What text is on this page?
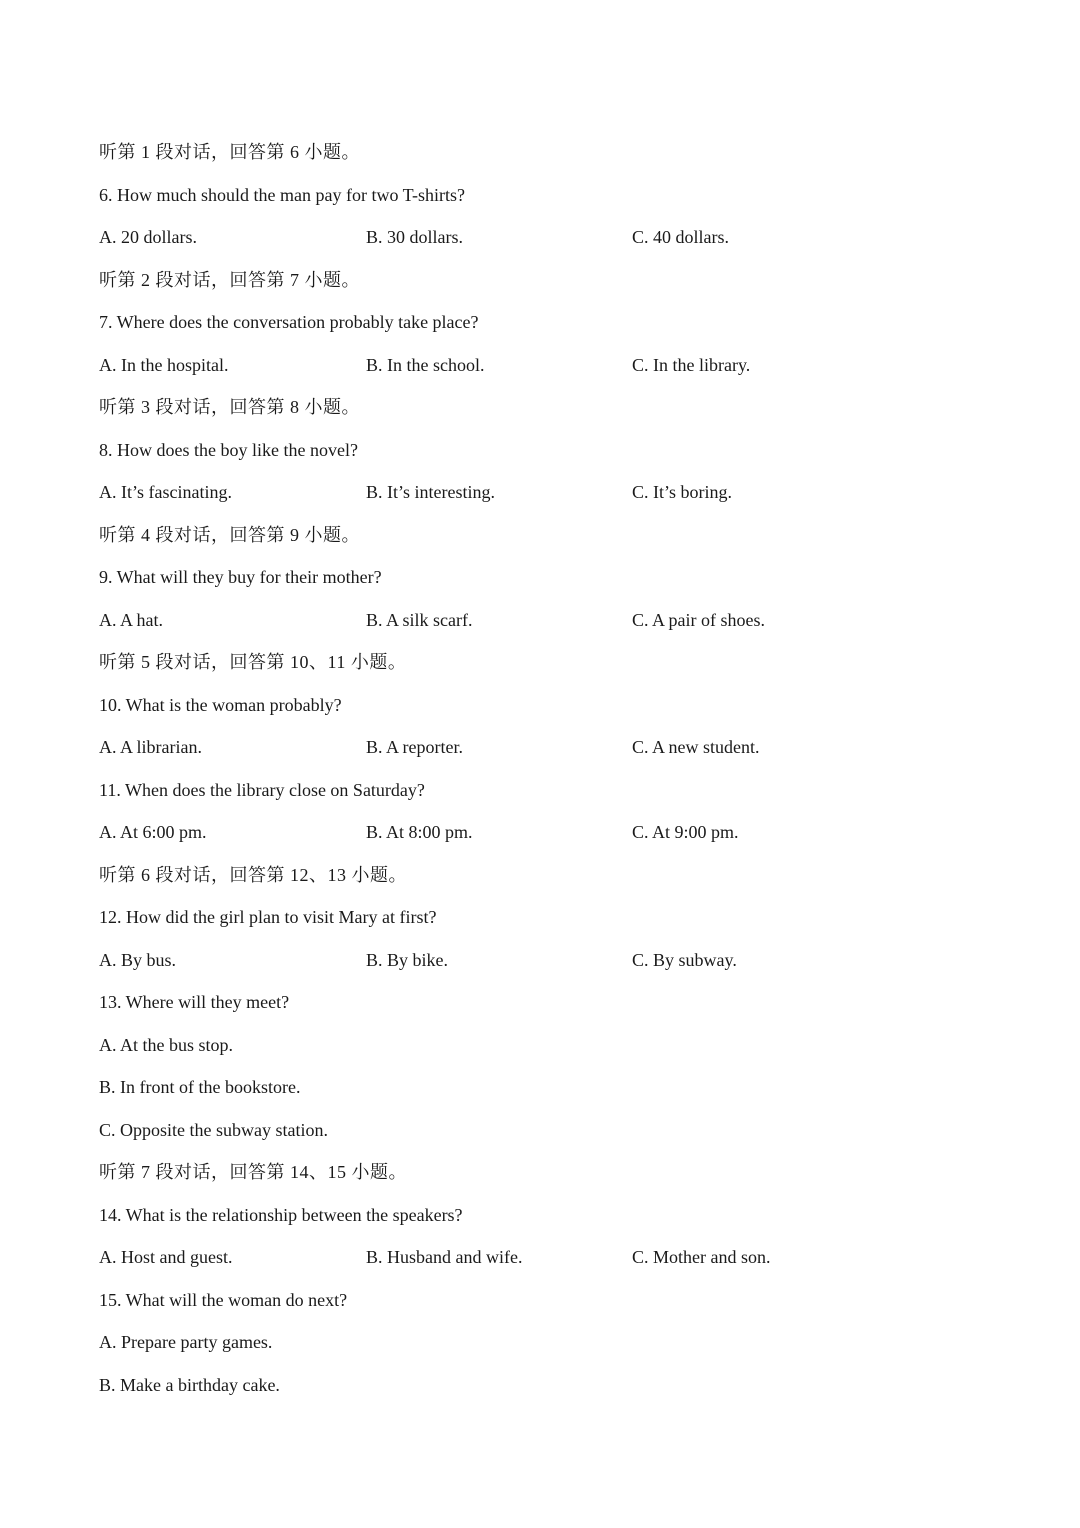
听第 1 段对话，回答第 6 小题。
6. How much should the man pay for two T-shirts?
A. 20 dollars.	B. 30 dollars.	C. 40 dollars.
听第 2 段对话，回答第 7 小题。
7. Where does the conversation probably take place?
A. In the hospital.	B. In the school.	C. In the library.
听第 3 段对话，回答第 8 小题。
8. How does the boy like the novel?
A. It’s fascinating.	B. It’s interesting.	C. It’s boring.
听第 4 段对话，回答第 9 小题。
9. What will they buy for their mother?
A. A hat.	B. A silk scarf.	C. A pair of shoes.
听第 5 段对话，回答第 10、11 小题。
10. What is the woman probably?
A. A librarian.	B. A reporter.	C. A new student.
11. When does the library close on Saturday?
A. At 6:00 pm.	B. At 8:00 pm.	C. At 9:00 pm.
听第 6 段对话，回答第 12、13 小题。
12. How did the girl plan to visit Mary at first?
A. By bus.	B. By bike.	C. By subway.
13. Where will they meet?
A. At the bus stop.
B. In front of the bookstore.
C. Opposite the subway station.
听第 7 段对话，回答第 14、15 小题。
14. What is the relationship between the speakers?
A. Host and guest.	B. Husband and wife.	C. Mother and son.
15. What will the woman do next?
A. Prepare party games.
B. Make a birthday cake.
